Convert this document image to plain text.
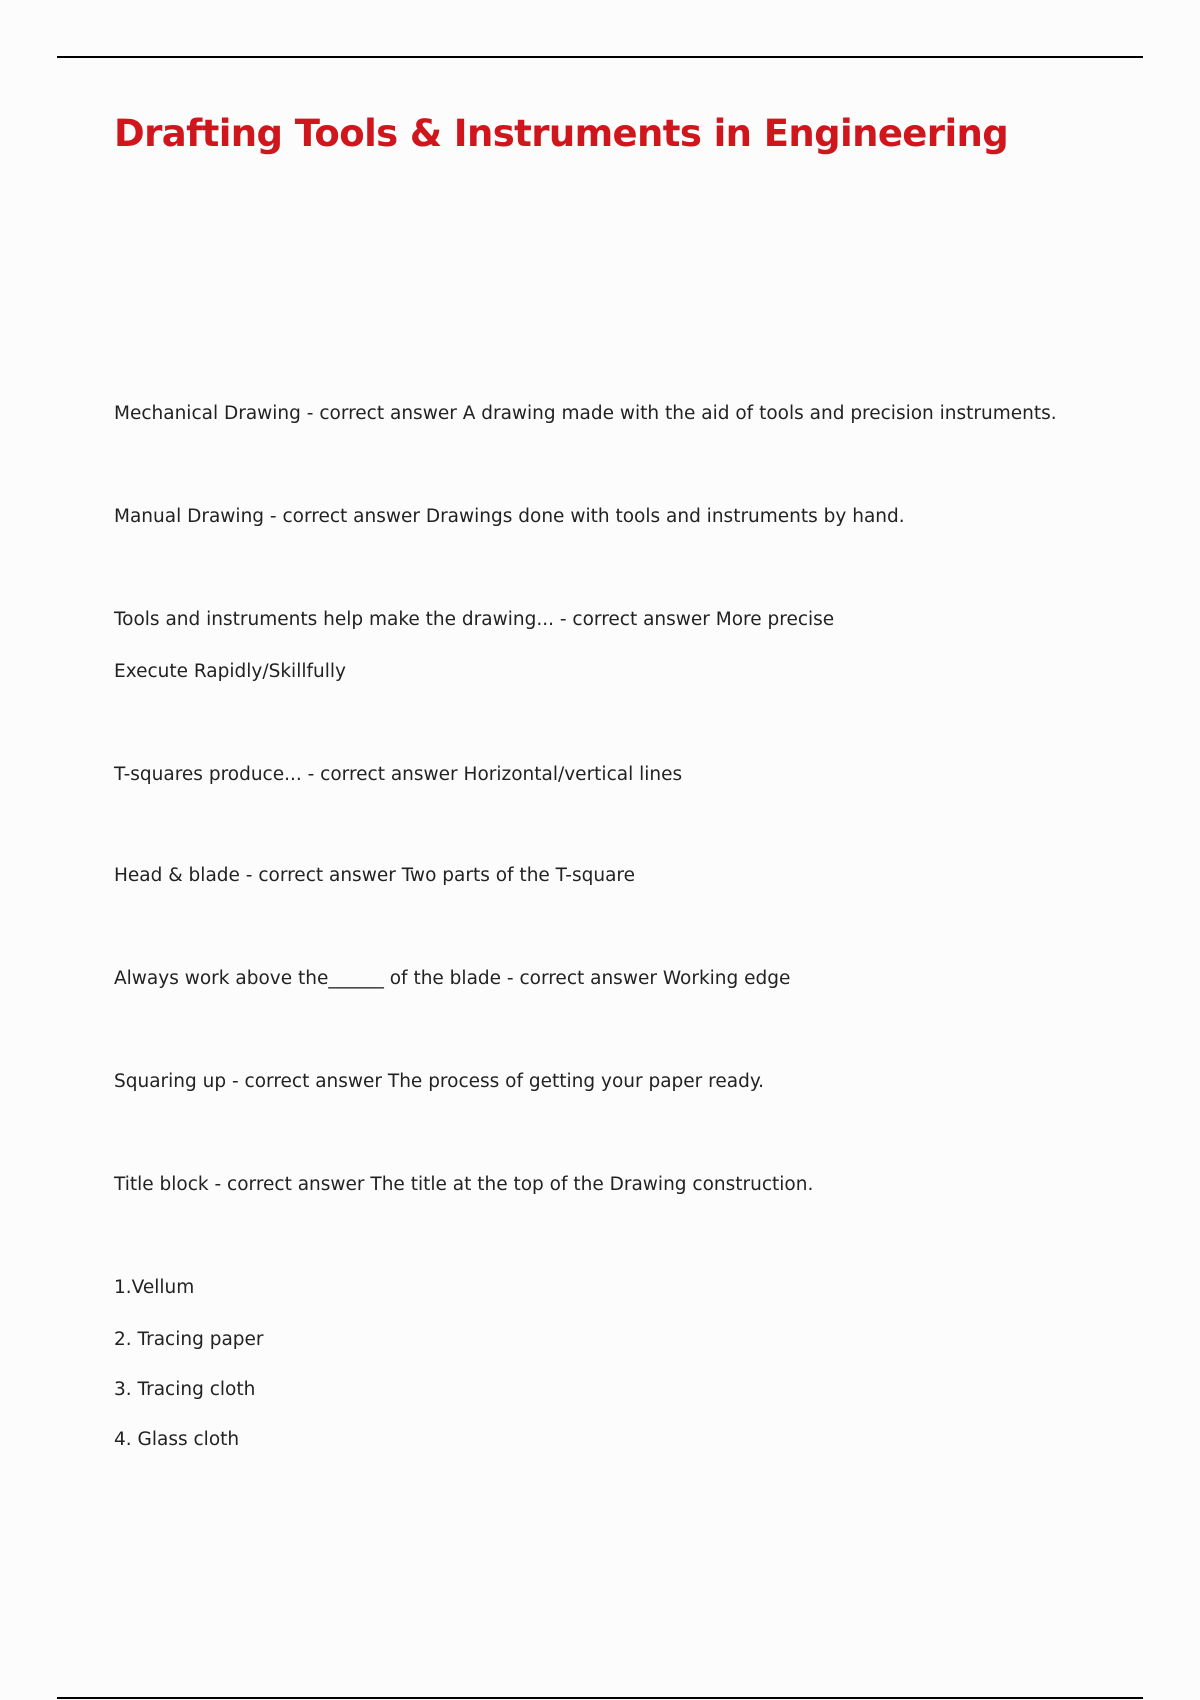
Drafting Tools & Instruments in Engineering

Mechanical Drawing - correct answer A drawing made with the aid of tools and precision instruments.

Manual Drawing - correct answer Drawings done with tools and instruments by hand.

Tools and instruments help make the drawing... - correct answer More precise

Execute Rapidly/Skillfully

T-squares produce... - correct answer Horizontal/vertical lines

Head & blade - correct answer Two parts of the T-square

Always work above the______ of the blade - correct answer Working edge

Squaring up - correct answer The process of getting your paper ready.

Title block - correct answer The title at the top of the Drawing construction.

1.Vellum

2. Tracing paper

3. Tracing cloth

4. Glass cloth
